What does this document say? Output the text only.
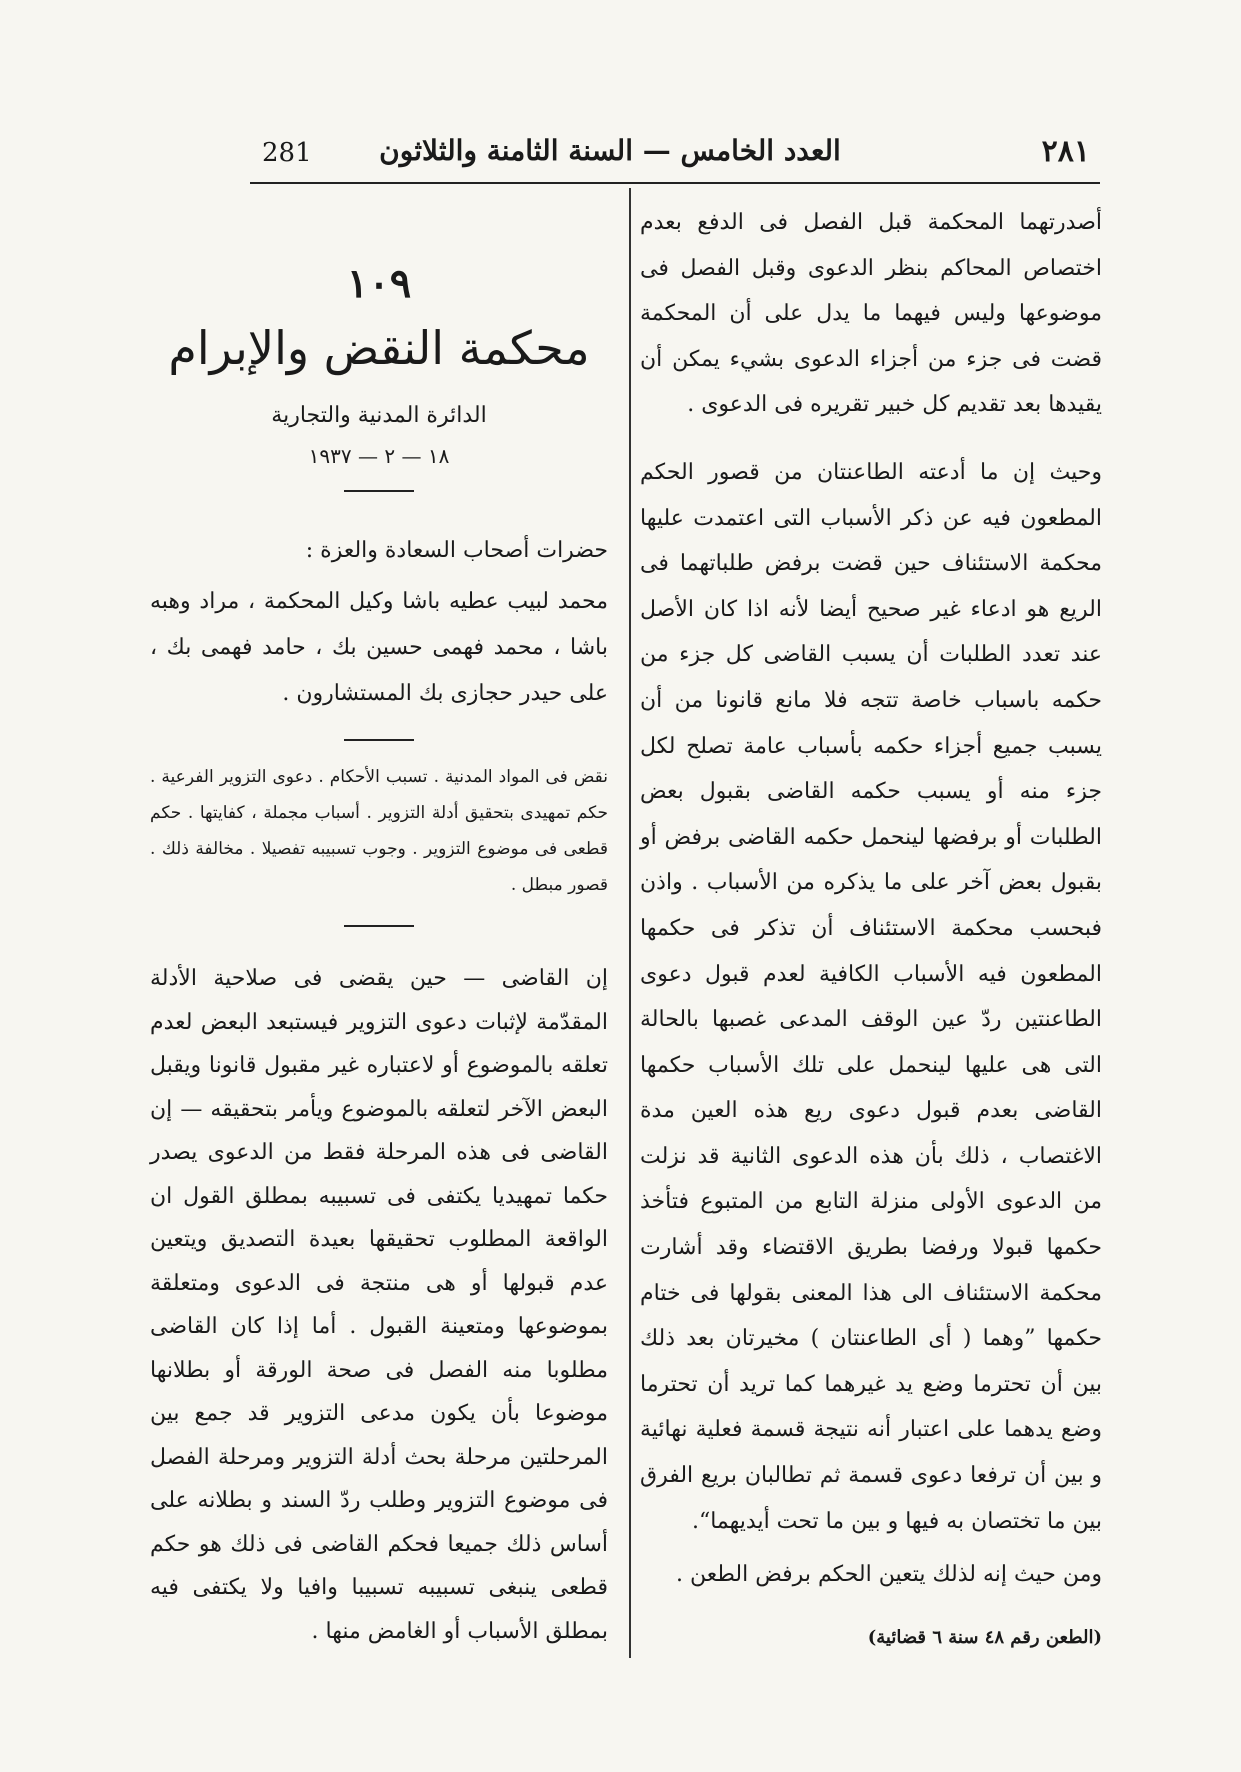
281	العدد الخامس — السنة الثامنة والثلاثون	٢٨١

أصدرتهما المحكمة قبل الفصل فى الدفع بعدم اختصاص المحاكم بنظر الدعوى وقبل الفصل فى موضوعها وليس فيهما ما يدل على أن المحكمة قضت فى جزء من أجزاء الدعوى بشيء يمكن أن يقيدها بعد تقديم كل خبير تقريره فى الدعوى .

وحيث إن ما أدعته الطاعنتان من قصور الحكم المطعون فيه عن ذكر الأسباب التى اعتمدت عليها محكمة الاستئناف حين قضت برفض طلباتهما فى الريع هو ادعاء غير صحيح أيضا لأنه اذا كان الأصل عند تعدد الطلبات أن يسبب القاضى كل جزء من حكمه باسباب خاصة تتجه فلا مانع قانونا من أن يسبب جميع أجزاء حكمه بأسباب عامة تصلح لكل جزء منه أو يسبب حكمه القاضى بقبول بعض الطلبات أو برفضها لينحمل حكمه القاضى برفض أو بقبول بعض آخر على ما يذكره من الأسباب . واذن فبحسب محكمة الاستئناف أن تذكر فى حكمها المطعون فيه الأسباب الكافية لعدم قبول دعوى الطاعنتين ردّ عين الوقف المدعى غصبها بالحالة التى هى عليها لينحمل على تلك الأسباب حكمها القاضى بعدم قبول دعوى ريع هذه العين مدة الاغتصاب ، ذلك بأن هذه الدعوى الثانية قد نزلت من الدعوى الأولى منزلة التابع من المتبوع فتأخذ حكمها قبولا ورفضا بطريق الاقتضاء وقد أشارت محكمة الاستئناف الى هذا المعنى بقولها فى ختام حكمها ”وهما ( أى الطاعنتان ) مخيرتان بعد ذلك بين أن تحترما وضع يد غيرهما كما تريد أن تحترما وضع يدهما على اعتبار أنه نتيجة قسمة فعلية نهائية و بين أن ترفعا دعوى قسمة ثم تطالبان بريع الفرق بين ما تختصان به فيها و بين ما تحت أيديهما“.

ومن حيث إنه لذلك يتعين الحكم برفض الطعن .

(الطعن رقم ٤٨ سنة ٦ قضائية)

١٠٩
محكمة النقض والإبرام
الدائرة المدنية والتجارية
١٨ — ٢ — ١٩٣٧

حضرات أصحاب السعادة والعزة :

محمد لبيب عطيه باشا وكيل المحكمة ، مراد وهبه باشا ، محمد فهمى حسين بك ، حامد فهمى بك ، على حيدر حجازى بك المستشارون .

نقض فى المواد المدنية . تسبب الأحكام . دعوى التزوير الفرعية . حكم تمهيدى بتحقيق أدلة التزوير . أسباب مجملة ، كفايتها . حكم قطعى فى موضوع التزوير . وجوب تسبيبه تفصيلا . مخالفة ذلك . قصور مبطل .

إن القاضى — حين يقضى فى صلاحية الأدلة المقدّمة لإثبات دعوى التزوير فيستبعد البعض لعدم تعلقه بالموضوع أو لاعتباره غير مقبول قانونا ويقبل البعض الآخر لتعلقه بالموضوع ويأمر بتحقيقه — إن القاضى فى هذه المرحلة فقط من الدعوى يصدر حكما تمهيديا يكتفى فى تسبيبه بمطلق القول ان الواقعة المطلوب تحقيقها بعيدة التصديق ويتعين عدم قبولها أو هى منتجة فى الدعوى ومتعلقة بموضوعها ومتعينة القبول . أما إذا كان القاضى مطلوبا منه الفصل فى صحة الورقة أو بطلانها موضوعا بأن يكون مدعى التزوير قد جمع بين المرحلتين مرحلة بحث أدلة التزوير ومرحلة الفصل فى موضوع التزوير وطلب ردّ السند و بطلانه على أساس ذلك جميعا فحكم القاضى فى ذلك هو حكم قطعى ينبغى تسبيبه تسبيبا وافيا ولا يكتفى فيه بمطلق الأسباب أو الغامض منها .
